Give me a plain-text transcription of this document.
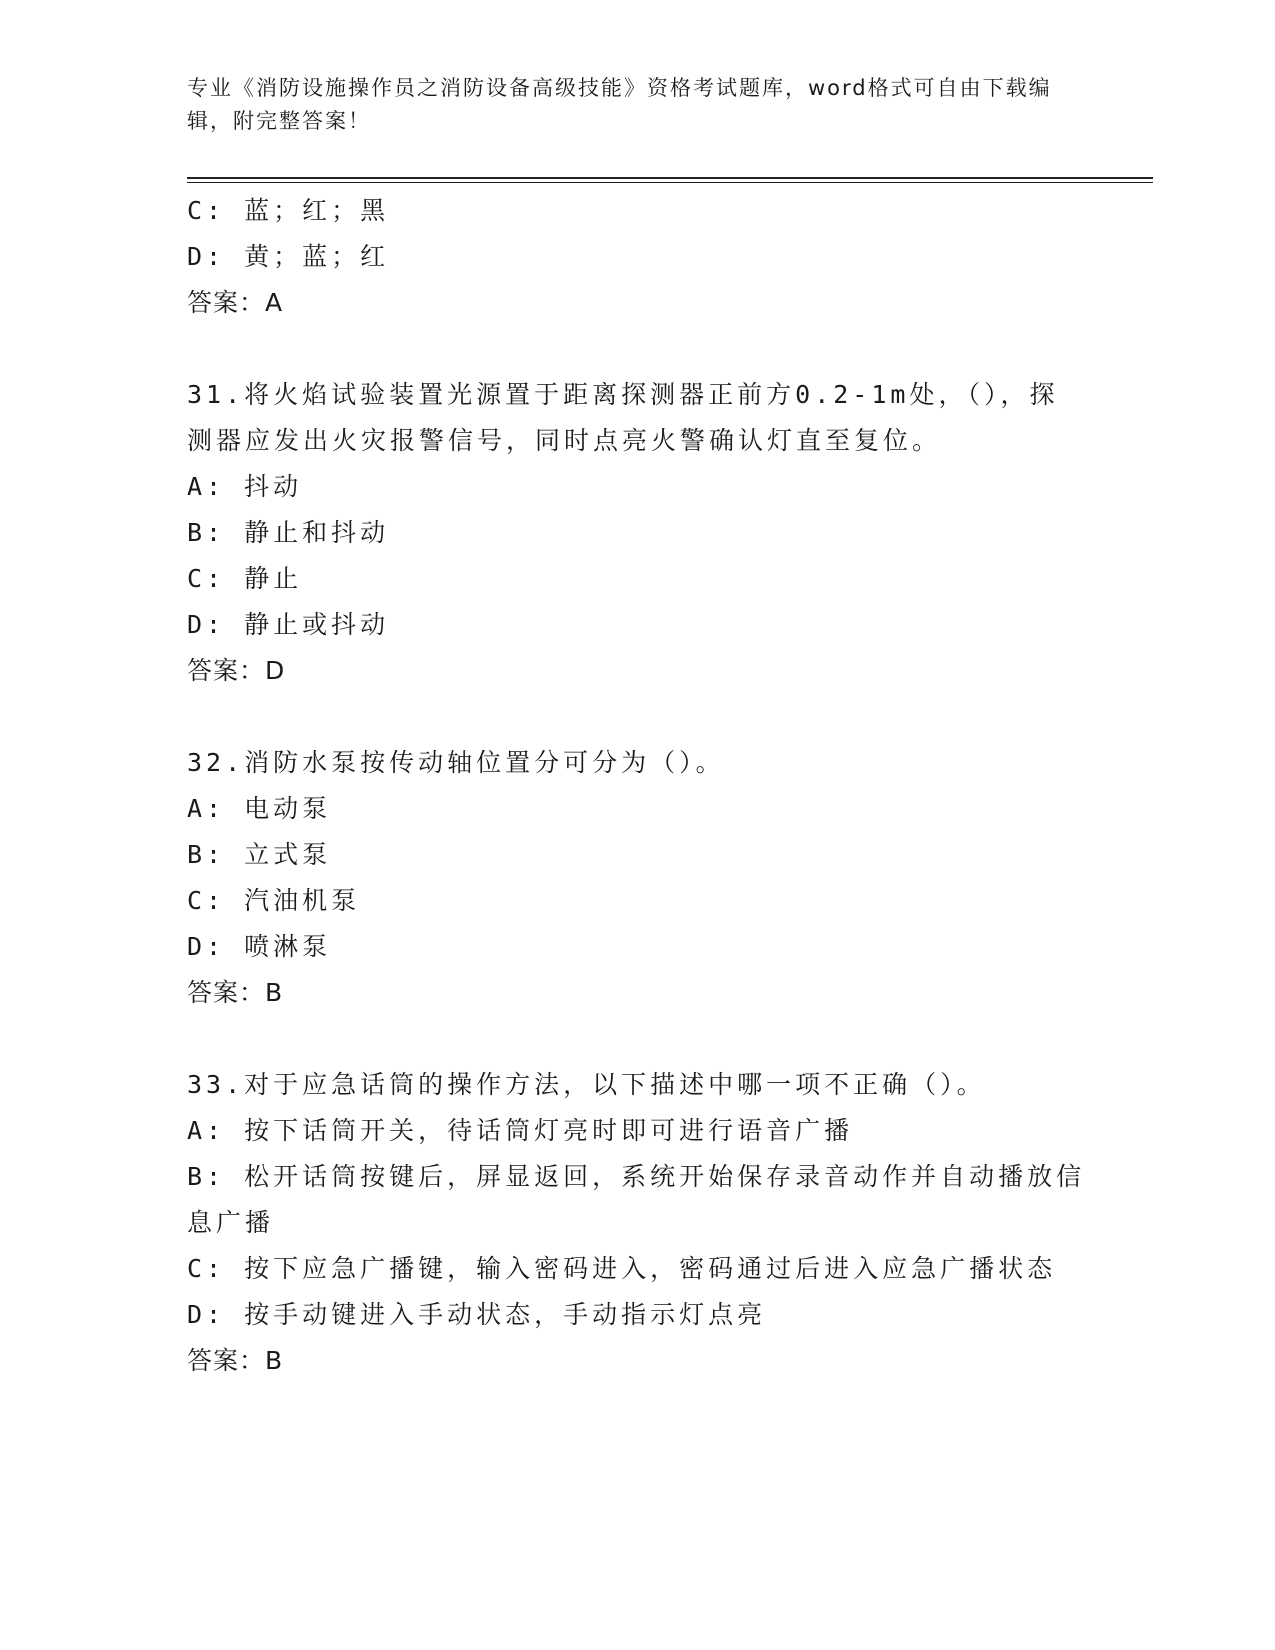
专业《消防设施操作员之消防设备高级技能》资格考试题库，word格式可自由下载编辑，附完整答案！
C: 蓝；红；黑
D: 黄；蓝；红
答案：A
31.将火焰试验装置光源置于距离探测器正前方0.2-1m处，（），探
测器应发出火灾报警信号，同时点亮火警确认灯直至复位。
A: 抖动
B: 静止和抖动
C: 静止
D: 静止或抖动
答案：D
32.消防水泵按传动轴位置分可分为（）。
A: 电动泵
B: 立式泵
C: 汽油机泵
D: 喷淋泵
答案：B
33.对于应急话筒的操作方法，以下描述中哪一项不正确（）。
A: 按下话筒开关，待话筒灯亮时即可进行语音广播
B: 松开话筒按键后，屏显返回，系统开始保存录音动作并自动播放信
息广播
C: 按下应急广播键，输入密码进入，密码通过后进入应急广播状态
D: 按手动键进入手动状态，手动指示灯点亮
答案：B
